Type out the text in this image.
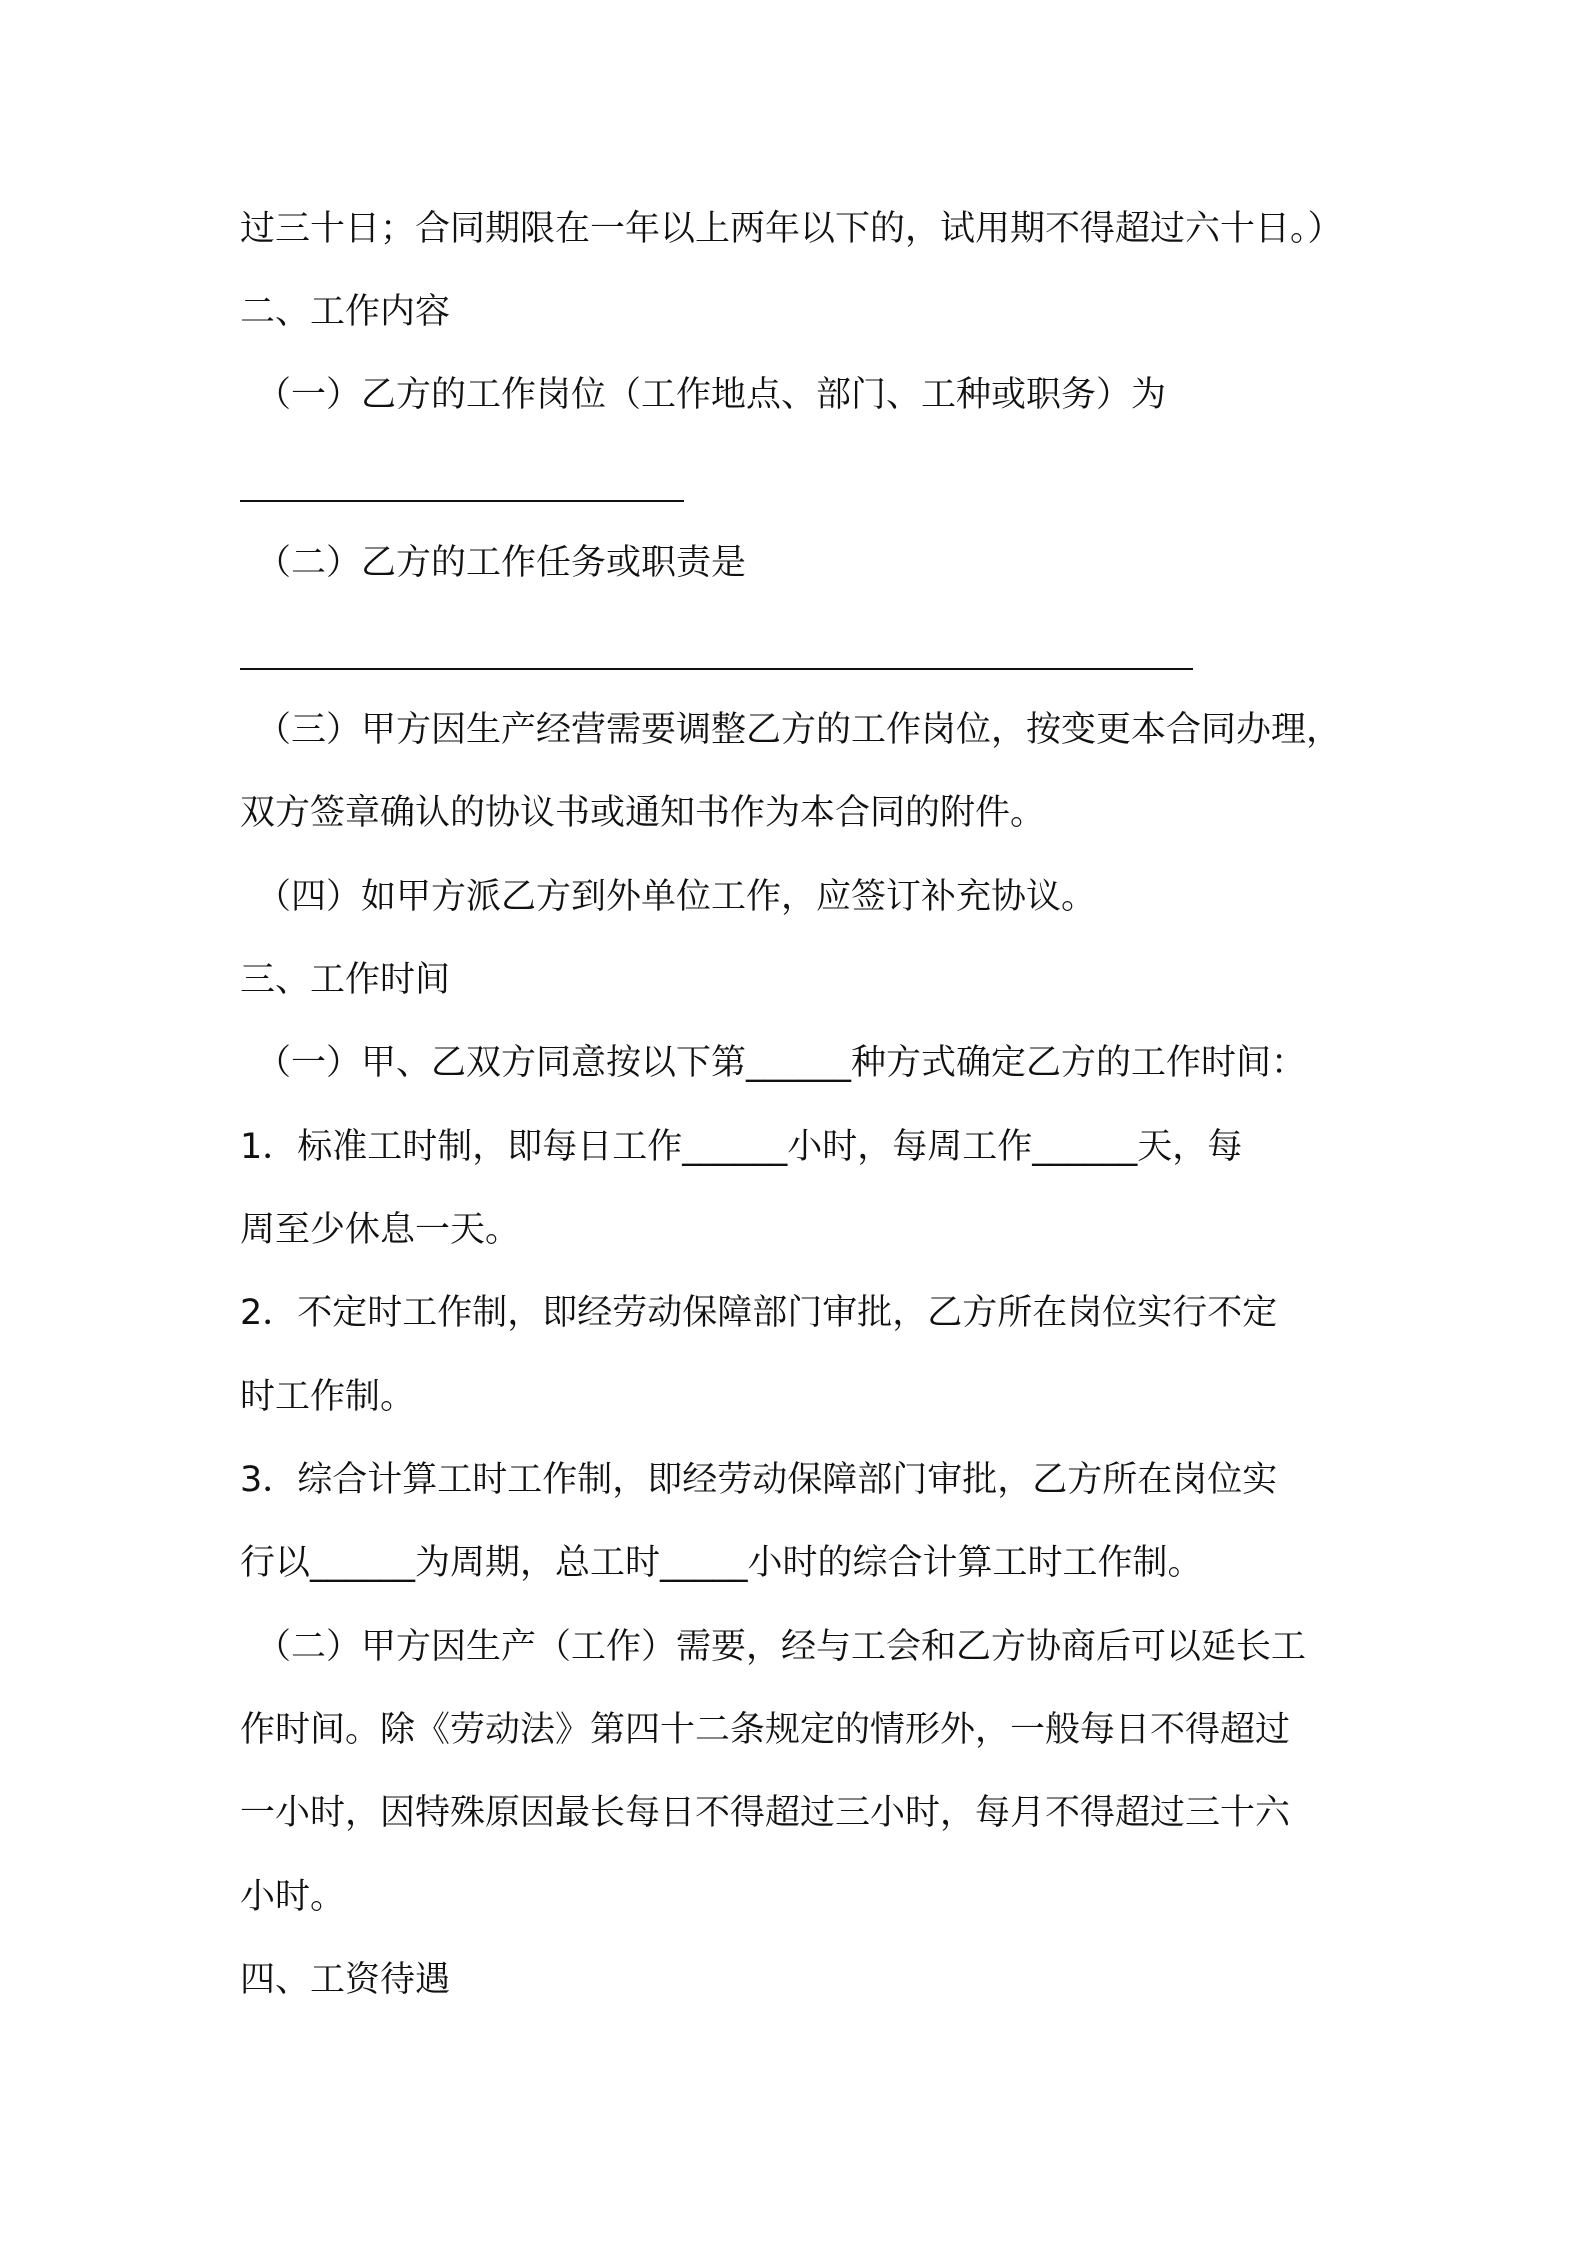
过三十日；合同期限在一年以上两年以下的，试用期不得超过六十日。）
二、工作内容
（一）乙方的工作岗位（工作地点、部门、工种或职务）为
（二）乙方的工作任务或职责是
（三）甲方因生产经营需要调整乙方的工作岗位，按变更本合同办理，
双方签章确认的协议书或通知书作为本合同的附件。
（四）如甲方派乙方到外单位工作，应签订补充协议。
三、工作时间
（一）甲、乙双方同意按以下第______种方式确定乙方的工作时间：
1．标准工时制，即每日工作______小时，每周工作______天，每
周至少休息一天。
2．不定时工作制，即经劳动保障部门审批，乙方所在岗位实行不定
时工作制。
3．综合计算工时工作制，即经劳动保障部门审批，乙方所在岗位实
行以______为周期，总工时_____小时的综合计算工时工作制。
（二）甲方因生产（工作）需要，经与工会和乙方协商后可以延长工
作时间。除《劳动法》第四十二条规定的情形外，一般每日不得超过
一小时，因特殊原因最长每日不得超过三小时，每月不得超过三十六
小时。
四、工资待遇
